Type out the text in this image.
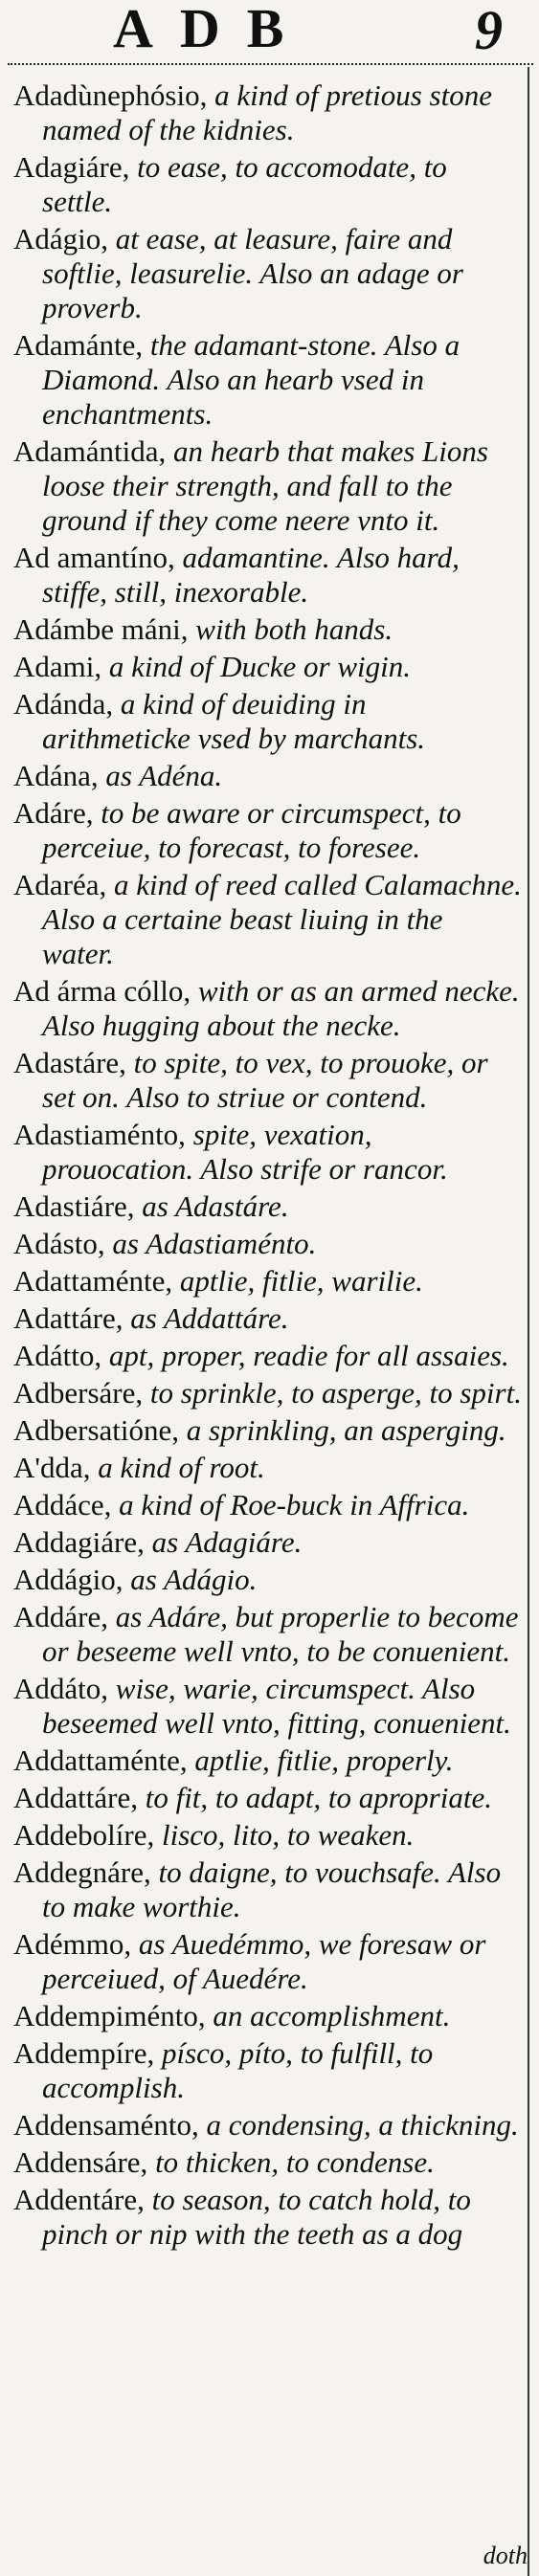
ADB	9
Adadùnephósio, a kind of pretious stone named of the kidnies.
Adagiáre, to ease, to accomodate, to settle.
Adágio, at ease, at leasure, faire and softlie, leasurelie. Also an adage or proverb.
Adamánte, the adamant-stone. Also a Diamond. Also an hearb vsed in enchantments.
Adamántida, an hearb that makes Lions loose their strength, and fall to the ground if they come neere vnto it.
Ad amantíno, adamantine. Also hard, stiffe, still, inexorable.
Adámbe máni, with both hands.
Adami, a kind of Ducke or wigin.
Adánda, a kind of deuiding in arithmeticke vsed by marchants.
Adána, as Adéna.
Adáre, to be aware or circumspect, to perceiue, to forecast, to foresee.
Adaréa, a kind of reed called Calamachne. Also a certaine beast liuing in the water.
Ad árma cóllo, with or as an armed necke. Also hugging about the necke.
Adastáre, to spite, to vex, to prouoke, or set on. Also to striue or contend.
Adastiaménto, spite, vexation, prouocation. Also strife or rancor.
Adastiáre, as Adastáre.
Adásto, as Adastiaménto.
Adattaménte, aptlie, fitlie, warilie.
Adattáre, as Addattáre.
Adátto, apt, proper, readie for all assaies.
Adbersáre, to sprinkle, to asperge, to spirt.
Adbersatióne, a sprinkling, an asperging.
A'dda, a kind of root.
Addáce, a kind of Roe-buck in Affrica.
Addagiáre, as Adagiáre.
Addágio, as Adágio.
Addáre, as Adáre, but properlie to become or beseeme well vnto, to be conuenient.
Addáto, wise, warie, circumspect. Also beseemed well vnto, fitting, conuenient.
Addattaménte, aptlie, fitlie, properly.
Addattáre, to fit, to adapt, to apropriate.
Addebolíre, lisco, lito, to weaken.
Addegnáre, to daigne, to vouchsafe. Also to make worthie.
Adémmo, as Auedémmo, we foresaw or perceiued, of Auedére.
Addempiménto, an accomplishment.
Addempíre, písco, píto, to fulfill, to accomplish.
Addensaménto, a condensing, a thickning.
Addensáre, to thicken, to condense.
Addentáre, to season, to catch hold, to pinch or nip with the teeth as a dog
doth
